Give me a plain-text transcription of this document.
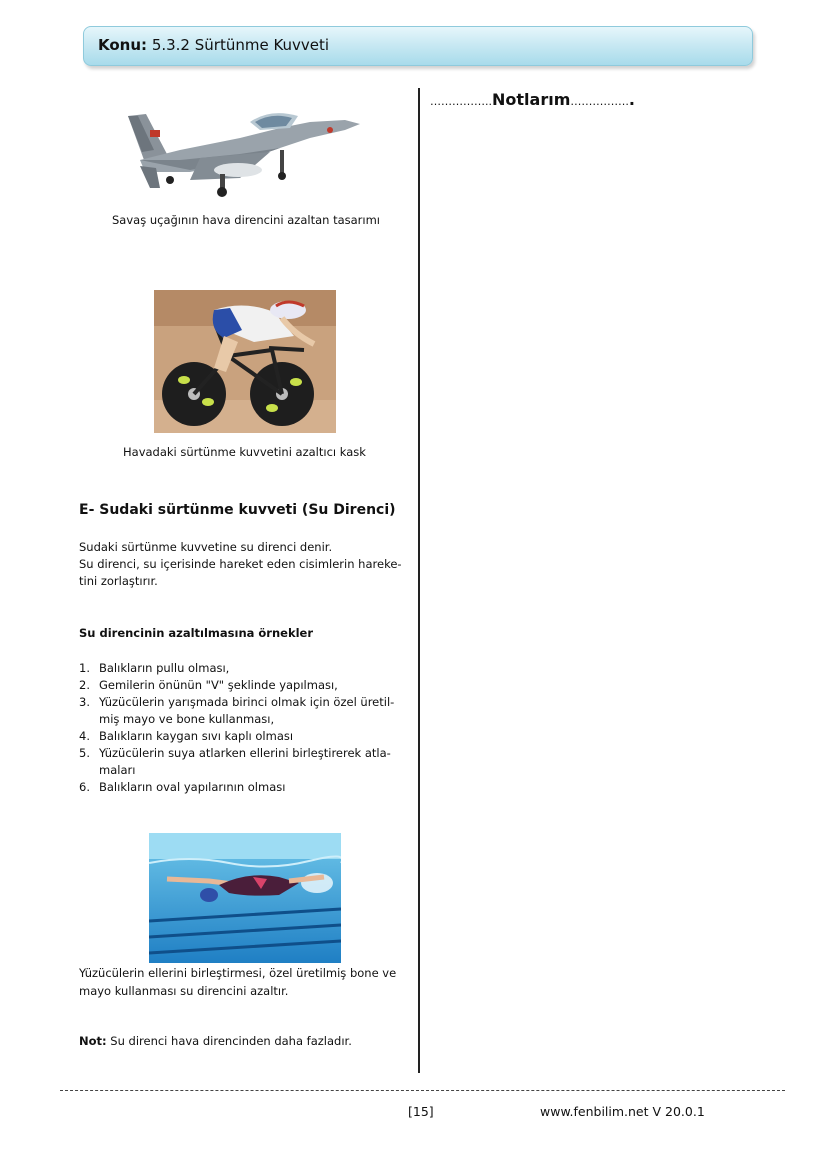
Konu: 5.3.2 Sürtünme Kuvveti
……………..Notlarım……………..
Savaş uçağının hava direncini azaltan tasarımı
Havadaki sürtünme kuvvetini azaltıcı kask
E- Sudaki sürtünme kuvveti (Su Direnci)
Sudaki sürtünme kuvvetine su direnci denir.
Su direnci, su içerisinde hareket eden cisimlerin hareke-
tini zorlaştırır.
Su direncinin azaltılmasına örnekler
1. Balıkların pullu olması,
2. Gemilerin önünün "V" şeklinde yapılması,
3. Yüzücülerin yarışmada birinci olmak için özel üretil-
miş mayo ve bone kullanması,
4. Balıkların kaygan sıvı kaplı olması
5. Yüzücülerin suya atlarken ellerini birleştirerek atla-
maları
6. Balıkların oval yapılarının olması
Yüzücülerin ellerini birleştirmesi, özel üretilmiş bone ve
mayo kullanması su direncini azaltır.
Not: Su direnci hava direncinden daha fazladır.
[15]	www.fenbilim.net V 20.0.1
